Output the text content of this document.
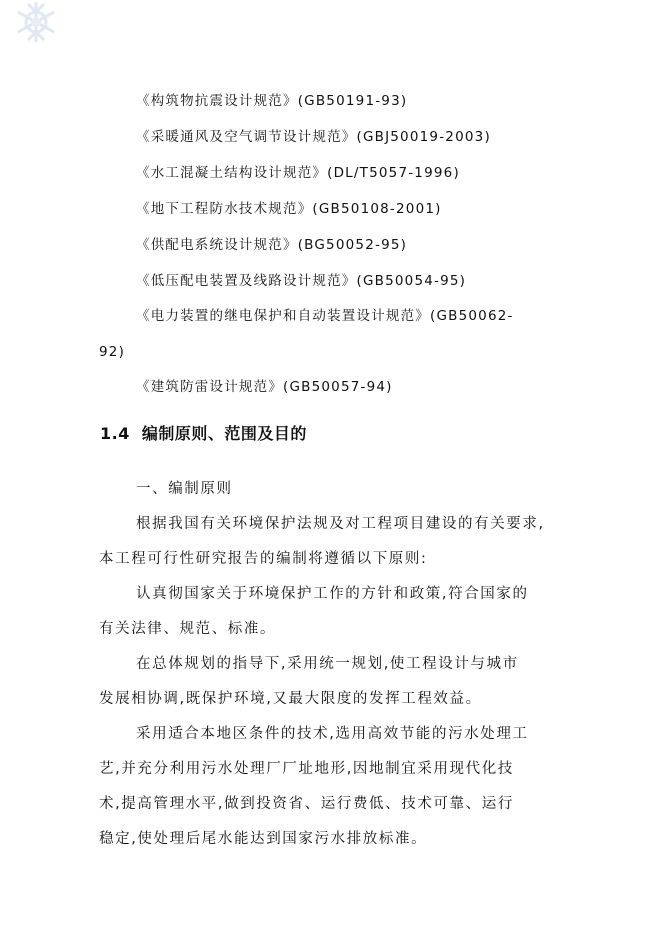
《构筑物抗震设计规范》(GB50191-93)
《采暖通风及空气调节设计规范》(GBJ50019-2003)
《水工混凝土结构设计规范》(DL/T5057-1996)
《地下工程防水技术规范》(GB50108-2001)
《供配电系统设计规范》(BG50052-95)
《低压配电装置及线路设计规范》(GB50054-95)
《电力装置的继电保护和自动装置设计规范》(GB50062-
92)
《建筑防雷设计规范》(GB50057-94)
1.4 编制原则、范围及目的
一、编制原则
根据我国有关环境保护法规及对工程项目建设的有关要求,
本工程可行性研究报告的编制将遵循以下原则:
认真彻国家关于环境保护工作的方针和政策,符合国家的
有关法律、规范、标准。
在总体规划的指导下,采用统一规划,使工程设计与城市
发展相协调,既保护环境,又最大限度的发挥工程效益。
采用适合本地区条件的技术,选用高效节能的污水处理工
艺,并充分利用污水处理厂厂址地形,因地制宜采用现代化技
术,提高管理水平,做到投资省、运行费低、技术可靠、运行
稳定,使处理后尾水能达到国家污水排放标准。
